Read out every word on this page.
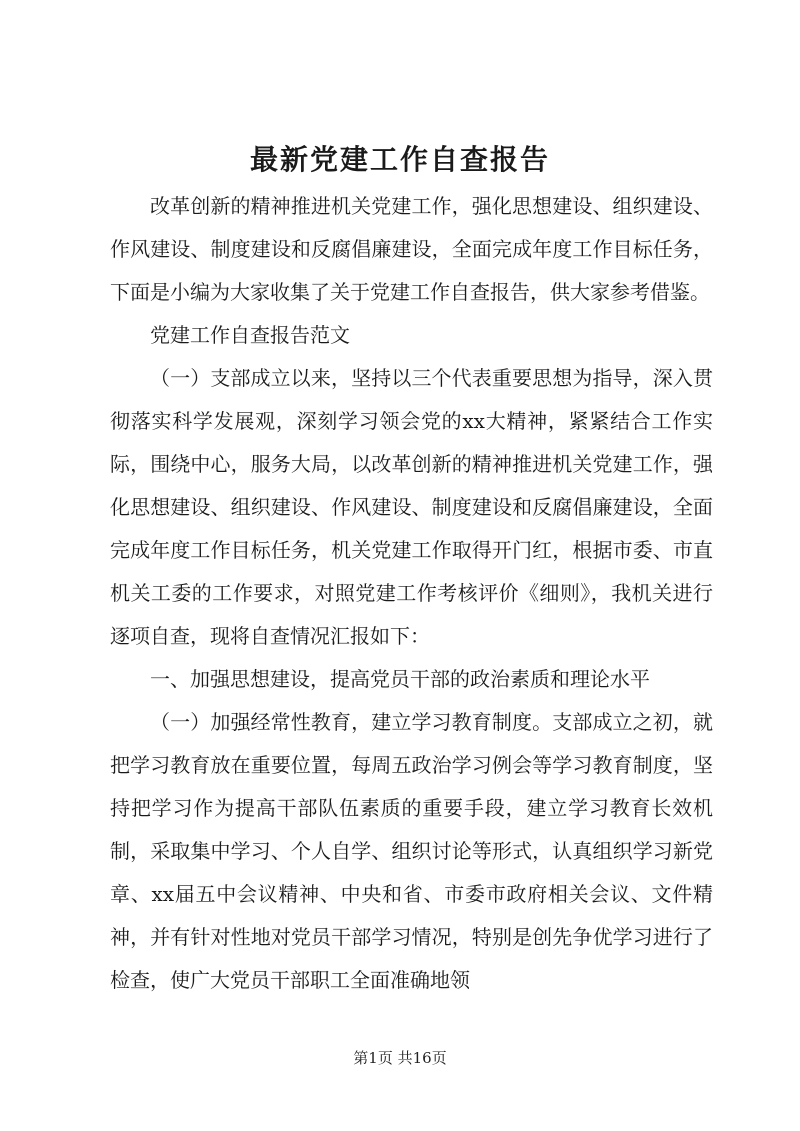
最新党建工作自查报告

改革创新的精神推进机关党建工作，强化思想建设、组织建设、作风建设、制度建设和反腐倡廉建设，全面完成年度工作目标任务，下面是小编为大家收集了关于党建工作自查报告，供大家参考借鉴。

党建工作自查报告范文

（一）支部成立以来，坚持以三个代表重要思想为指导，深入贯彻落实科学发展观，深刻学习领会党的xx大精神，紧紧结合工作实际，围绕中心，服务大局，以改革创新的精神推进机关党建工作，强化思想建设、组织建设、作风建设、制度建设和反腐倡廉建设，全面完成年度工作目标任务，机关党建工作取得开门红，根据市委、市直机关工委的工作要求，对照党建工作考核评价《细则》，我机关进行逐项自查，现将自查情况汇报如下：

一、加强思想建设，提高党员干部的政治素质和理论水平

（一）加强经常性教育，建立学习教育制度。支部成立之初，就把学习教育放在重要位置，每周五政治学习例会等学习教育制度，坚持把学习作为提高干部队伍素质的重要手段，建立学习教育长效机制，采取集中学习、个人自学、组织讨论等形式，认真组织学习新党章、xx届五中会议精神、中央和省、市委市政府相关会议、文件精神，并有针对性地对党员干部学习情况，特别是创先争优学习进行了检查，使广大党员干部职工全面准确地领

第1页 共16页
